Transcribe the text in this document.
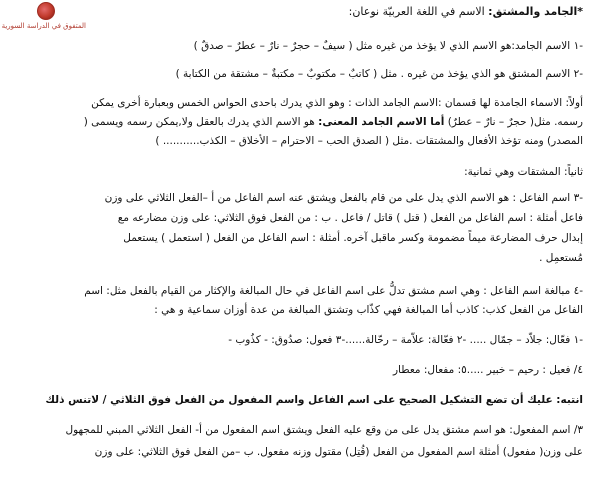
المتفوق في الدراسة السورية
*الجامد والمشتق: الاسم في اللغة العربيّة نوعان:
-١ الاسم الجامد:هو الاسم الذي لا يؤخذ من غيره مثل ( سيفٌ – حجرٌ – نارٌ – عطرٌ – صدقٌ )
-٢ الاسم المشتق هو الذي يؤخذ من غيره . مثل ( كاتبٌ – مكتوبٌ – مكتبةٌ – مشتقة من الكتابة )
أولاً: الاسماء الجامدة لها قسمان :الاسم الجامد الذات : وهو الذي يدرك باحدى الحواس الخمس وبعبارة أخرى يمكن
رسمه. مثل( حجرٌ – نارٌ – عطرٌ) أما الاسم الجامد المعنى: هو الاسم الذي يدرك بالعقل ولا,يمكن رسمه ويسمى (
المصدر) ومنه تؤخذ الأفعال والمشتقات .مثل ( الصدق الحب – الاحترام – الأخلاق – الكذب........... )
ثانياً: المشتقات وهي ثمانية:
-٣ اسم الفاعل : هو الاسم الذي يدل على من قام بالفعل ويشتق عنه اسم الفاعل من أ –الفعل الثلاثي على وزن
فاعل أمثلة : اسم الفاعل من الفعل ( قتل ) قاتل / فاعل . ب : من الفعل فوق الثلاثي: على وزن مضارعه مع
إبدال حرف المضارعة ميماً مضمومة وكسر ماقبل آخره. أمثلة : اسم الفاعل من الفعل ( استعمل ) يستعمل
مُستعمِل .
-٤ مبالغة اسم الفاعل : وهي اسم مشتق تدلُّ على اسم الفاعل في حال المبالغة والإكثار من القيام بالفعل مثل: اسم
الفاعل من الفعل كذب: كاذب أما المبالغة فهي كذّاب وتشتق المبالغة من عدة أوزان سماعية و هي :
-١ فعّال: جلاّد – جمّال ..... -٢ فعّالة: علاّمة – رحّالة......-٣ فعول: صدُوق: - كذُوب -
٤/ فعيل : رحيم – خبير .....٥: مفعال: معطار
انتبه: عليك أن تضع التشكيل الصحيح على اسم الفاعل واسم المفعول من الفعل فوق الثلاثي / لاتنس ذلك
٣/ اسم المفعول: هو اسم مشتق يدل على من وقع عليه الفعل ويشتق اسم المفعول من أ- الفعل الثلاثي المبني للمجهول
على وزن( مفعول) أمثلة اسم المفعول من الفعل (قُتِل) مقتول وزنه مفعول. ب –من الفعل فوق الثلاثي: على وزن
